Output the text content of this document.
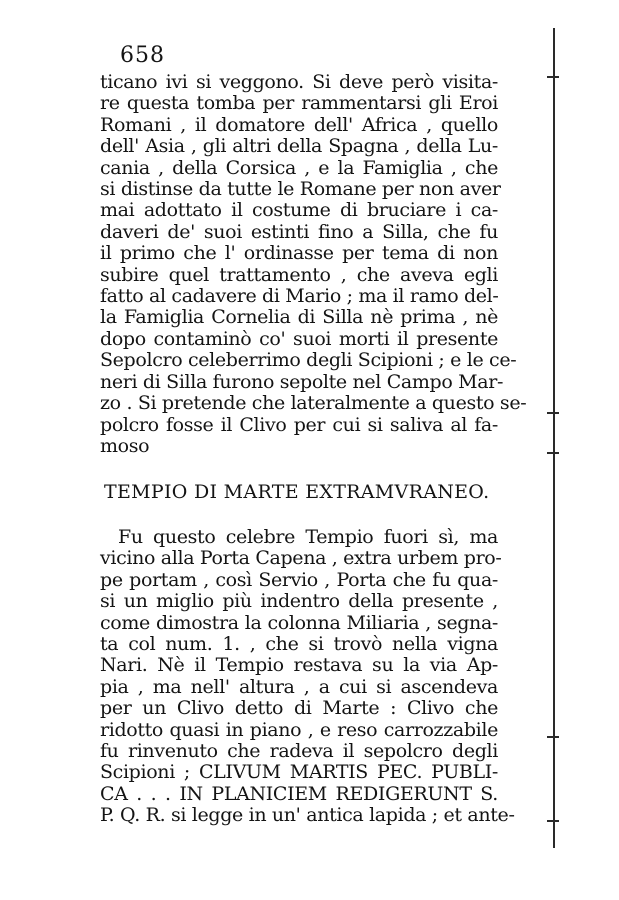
658
ticano ivi si veggono. Si deve però visita-
re questa tomba per rammentarsi gli Eroi
Romani , il domatore dell' Africa , quello
dell' Asia , gli altri della Spagna , della Lu-
cania , della Corsica , e la Famiglia , che
si distinse da tutte le Romane per non aver
mai adottato il costume di bruciare i ca-
daveri de' suoi estinti fino a Silla, che fu
il primo che l' ordinasse per tema di non
subire quel trattamento , che aveva egli
fatto al cadavere di Mario ; ma il ramo del-
la Famiglia Cornelia di Silla nè prima , nè
dopo contaminò co' suoi morti il presente
Sepolcro celeberrimo degli Scipioni ; e le ce-
neri di Silla furono sepolte nel Campo Mar-
zo . Si pretende che lateralmente a questo se-
polcro fosse il Clivo per cui si saliva al fa-
moso
TEMPIO DI MARTE EXTRAMVRANEO.
Fu questo celebre Tempio fuori sì, ma
vicino alla Porta Capena , extra urbem pro-
pe portam , così Servio , Porta che fu qua-
si un miglio più indentro della presente ,
come dimostra la colonna Miliaria , segna-
ta col num. 1. , che si trovò nella vigna
Nari. Nè il Tempio restava su la via Ap-
pia , ma nell' altura , a cui si ascendeva
per un Clivo detto di Marte : Clivo che
ridotto quasi in piano , e reso carrozzabile
fu rinvenuto che radeva il sepolcro degli
Scipioni ; CLIVUM MARTIS PEC. PUBLI-
CA . . . IN PLANICIEM REDIGERUNT S.
P. Q. R. si legge in un' antica lapida ; et ante-
